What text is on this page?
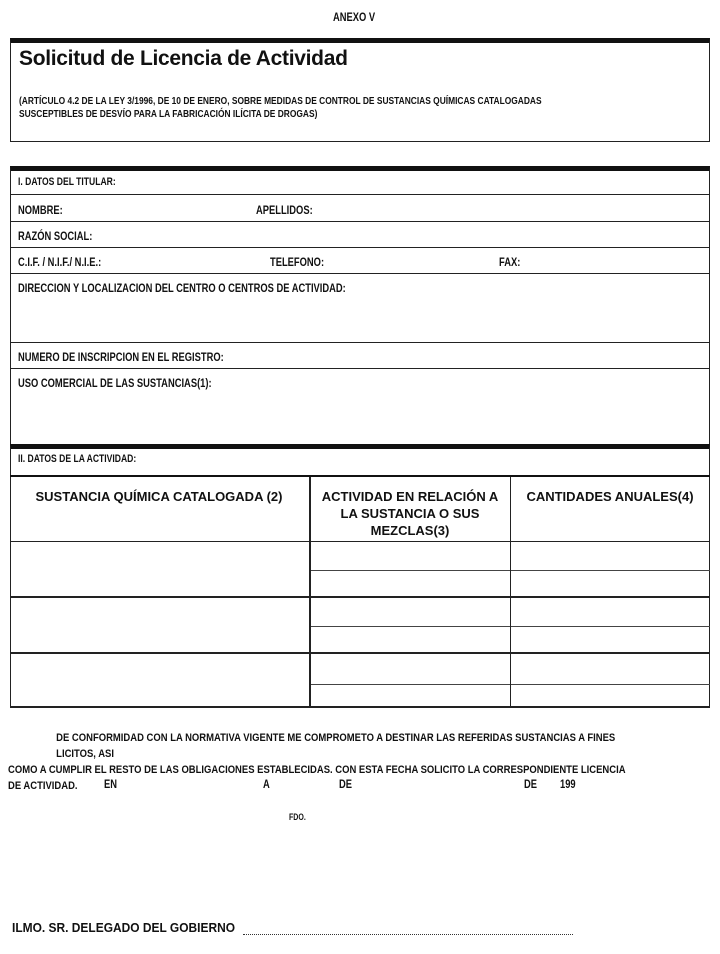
ANEXO V
Solicitud de Licencia de Actividad
(ARTÍCULO 4.2 DE LA LEY 3/1996, DE 10 DE ENERO, SOBRE MEDIDAS DE CONTROL DE SUSTANCIAS QUÍMICAS CATALOGADAS
SUSCEPTIBLES DE DESVÍO PARA LA FABRICACIÓN ILÍCITA DE DROGAS)
I. DATOS DEL TITULAR:
NOMBRE:	APELLIDOS:
RAZÓN SOCIAL:
C.I.F. / N.I.F./ N.I.E.:	TELEFONO:	FAX:
DIRECCION Y LOCALIZACION DEL CENTRO O CENTROS DE ACTIVIDAD:
NUMERO DE INSCRIPCION EN EL REGISTRO:
USO COMERCIAL DE LAS SUSTANCIAS(1):
II. DATOS DE LA ACTIVIDAD:
SUSTANCIA QUÍMICA CATALOGADA (2)	ACTIVIDAD EN RELACIÓN A
LA SUSTANCIA O SUS
MEZCLAS(3)
CANTIDADES ANUALES(4)
DE CONFORMIDAD CON LA NORMATIVA VIGENTE ME COMPROMETO A DESTINAR LAS REFERIDAS SUSTANCIAS A FINES LICITOS, ASI
COMO A CUMPLIR EL RESTO DE LAS OBLIGACIONES ESTABLECIDAS. CON ESTA FECHA SOLICITO LA CORRESPONDIENTE LICENCIA DE ACTIVIDAD.	EN	A	DE	DE 199
FDO.
ILMO. SR. DELEGADO DEL GOBIERNO
